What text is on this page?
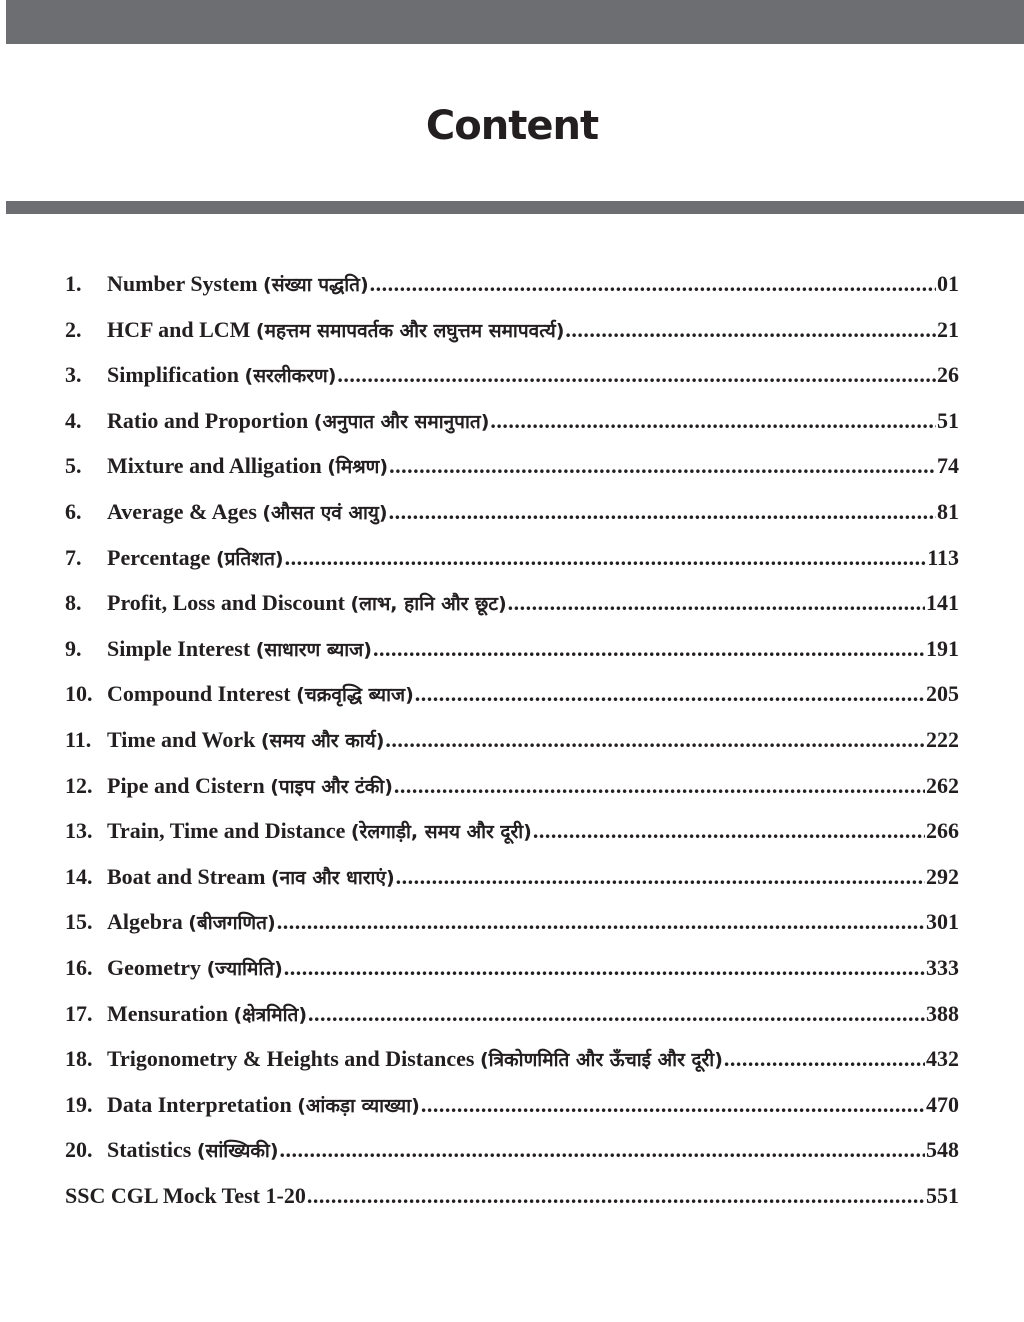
Content
1.	Number System (संख्या पद्धति) .....	01
2.	HCF and LCM (महत्तम समापवर्तक और लघुत्तम समापवर्त्य) .....	21
3.	Simplification (सरलीकरण) .....	26
4.	Ratio and Proportion (अनुपात और समानुपात) .....	51
5.	Mixture and Alligation (मिश्रण) .....	74
6.	Average & Ages (औसत एवं आयु) .....	81
7.	Percentage (प्रतिशत) .....	113
8.	Profit, Loss and Discount (लाभ, हानि और छूट) .....	141
9.	Simple Interest (साधारण ब्याज) .....	191
10. Compound Interest (चक्रवृद्धि ब्याज) .....	205
11. Time and Work (समय और कार्य) .....	222
12. Pipe and Cistern (पाइप और टंकी) .....	262
13. Train, Time and Distance (रेलगाड़ी, समय और दूरी) .....	266
14. Boat and Stream (नाव और धाराएं) .....	292
15. Algebra (बीजगणित) .....	301
16. Geometry (ज्यामिति) .....	333
17. Mensuration (क्षेत्रमिति) .....	388
18. Trigonometry & Heights and Distances (त्रिकोणमिति और ऊँचाई और दूरी) .....	432
19. Data Interpretation (आंकड़ा व्याख्या) .....	470
20. Statistics (सांख्यिकी) .....	548
SSC CGL Mock Test 1-20 .....	551
